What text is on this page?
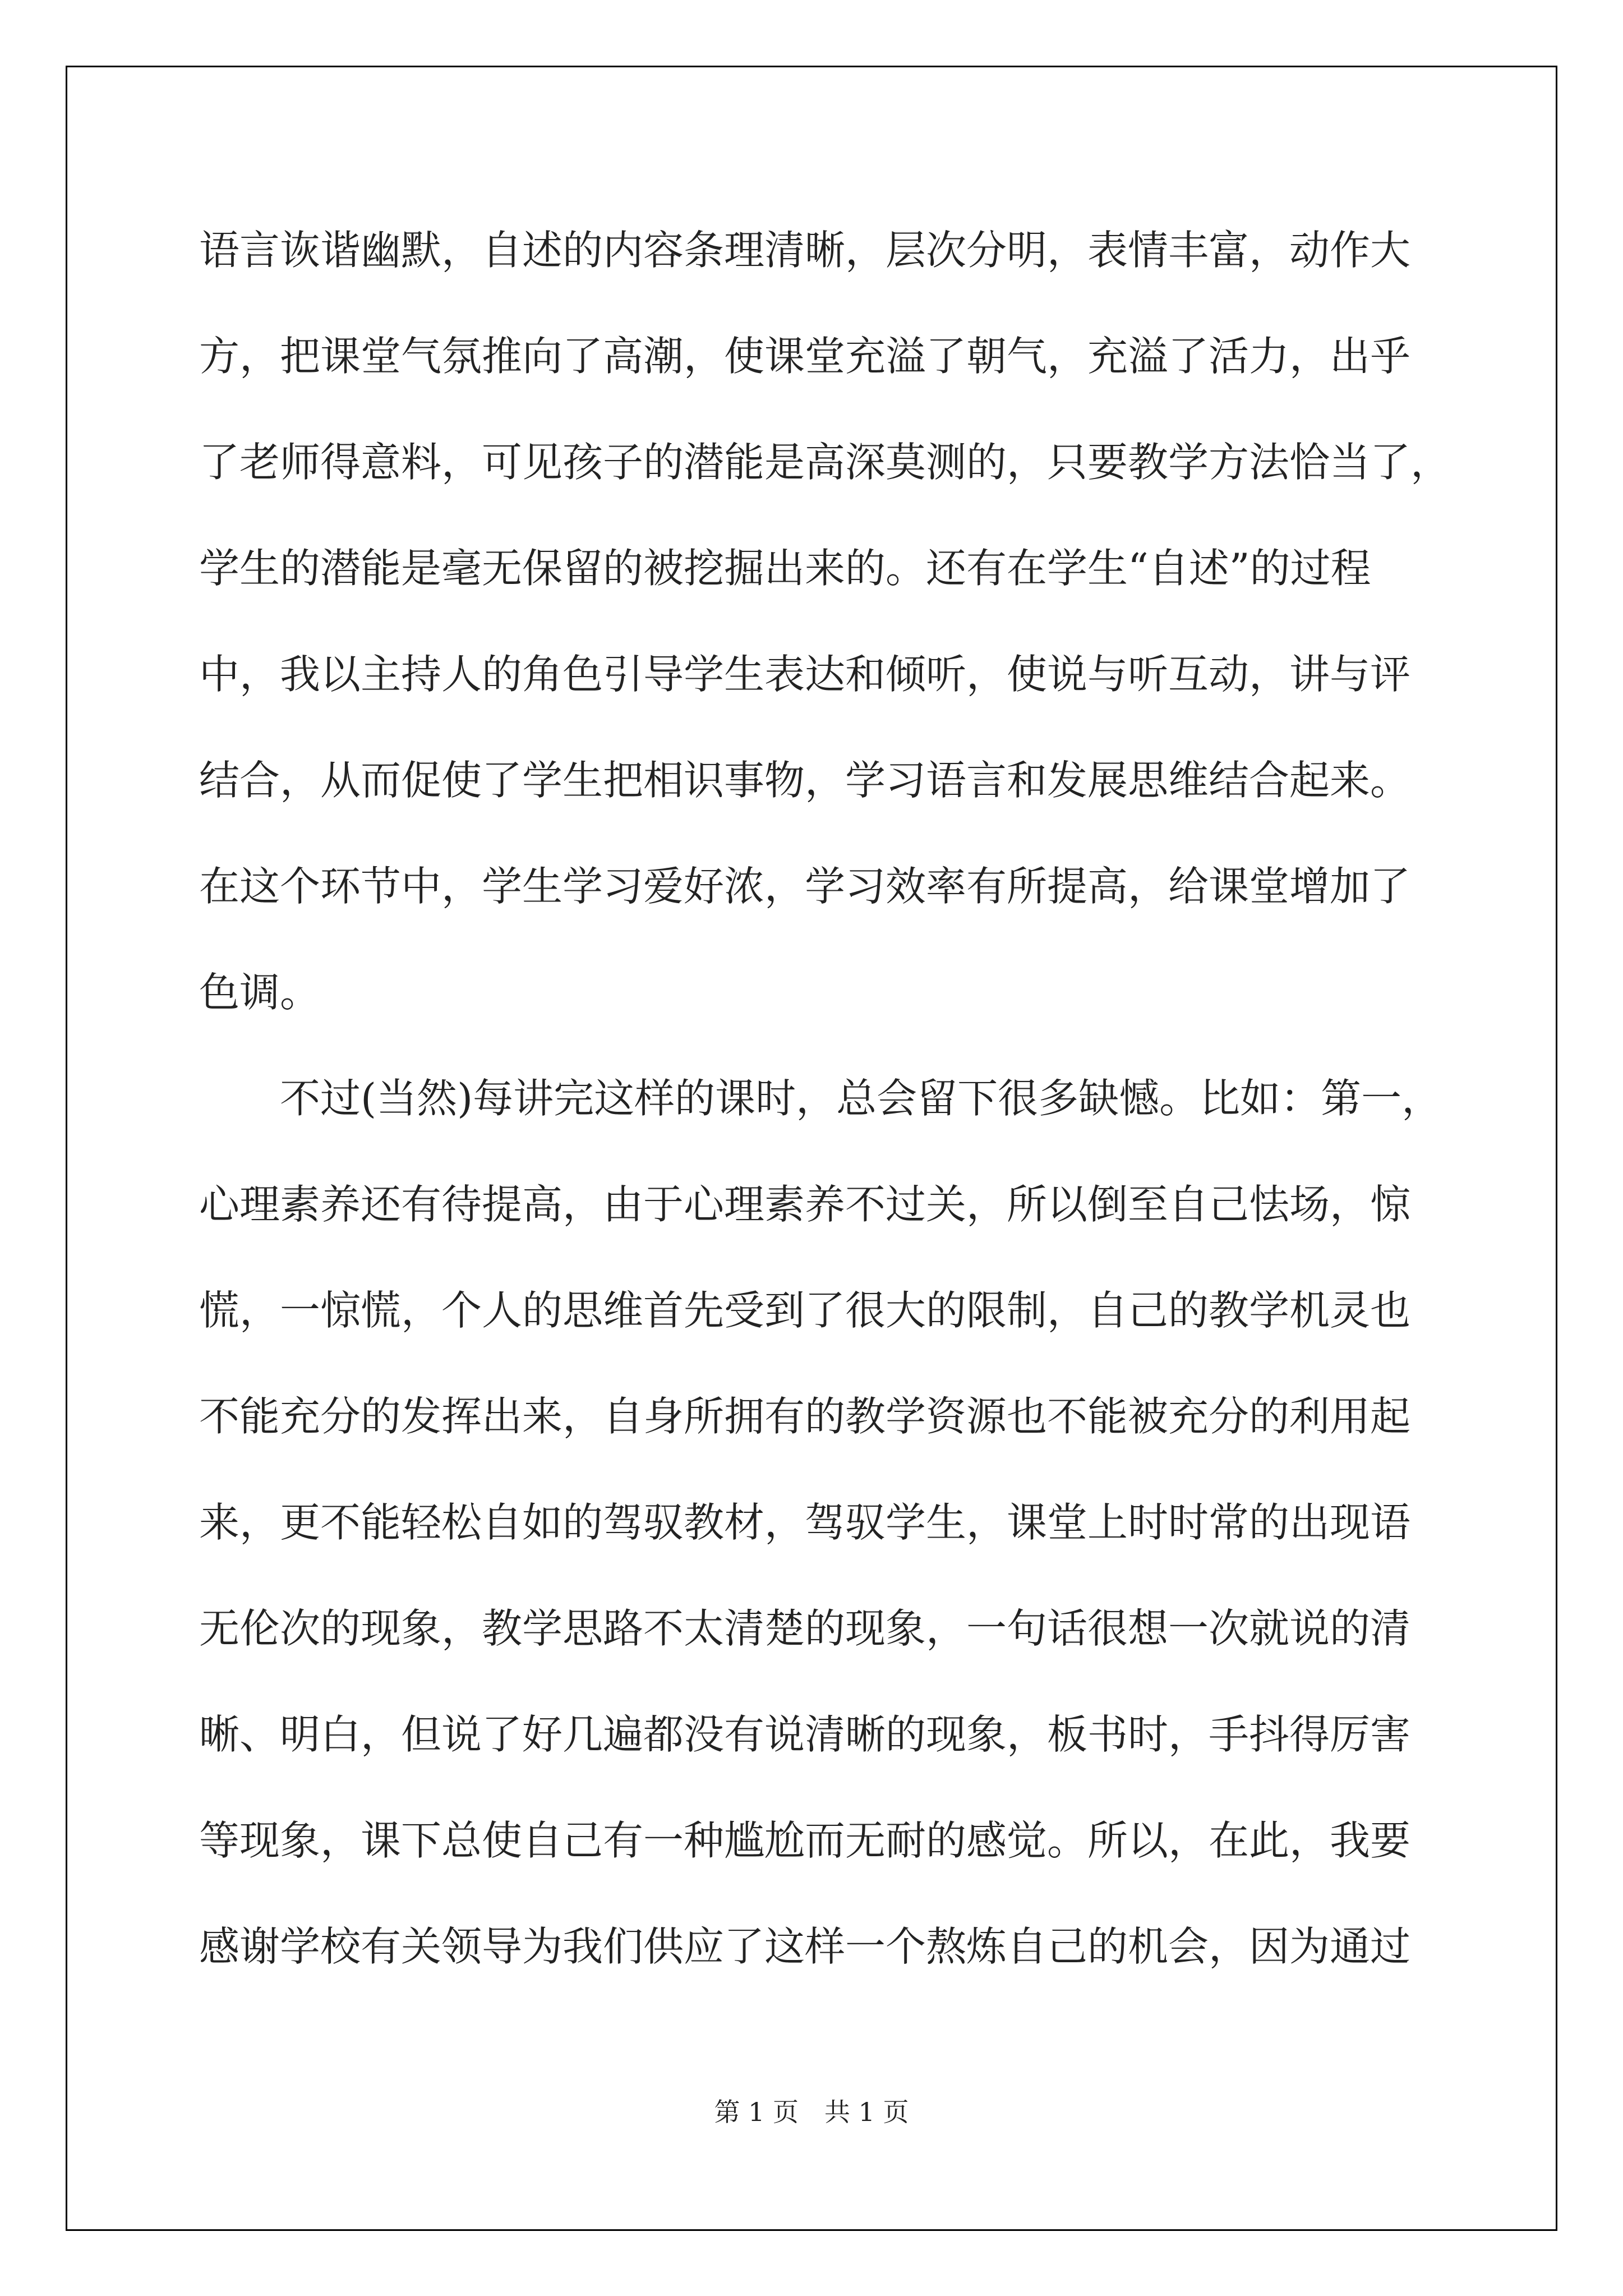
语言诙谐幽默，自述的内容条理清晰，层次分明，表情丰富，动作大
方，把课堂气氛推向了高潮，使课堂充溢了朝气，充溢了活力，出乎
了老师得意料，可见孩子的潜能是高深莫测的，只要教学方法恰当了，
学生的潜能是毫无保留的被挖掘出来的。还有在学生“自述”的过程
中，我以主持人的角色引导学生表达和倾听，使说与听互动，讲与评
结合，从而促使了学生把相识事物，学习语言和发展思维结合起来。
在这个环节中，学生学习爱好浓，学习效率有所提高，给课堂增加了
色调。
　　不过(当然)每讲完这样的课时，总会留下很多缺憾。比如：第一，
心理素养还有待提高，由于心理素养不过关，所以倒至自己怯场，惊
慌，一惊慌，个人的思维首先受到了很大的限制，自己的教学机灵也
不能充分的发挥出来，自身所拥有的教学资源也不能被充分的利用起
来，更不能轻松自如的驾驭教材，驾驭学生，课堂上时时常的出现语
无伦次的现象，教学思路不太清楚的现象，一句话很想一次就说的清
晰、明白，但说了好几遍都没有说清晰的现象，板书时，手抖得厉害
等现象，课下总使自己有一种尴尬而无耐的感觉。所以，在此，我要
感谢学校有关领导为我们供应了这样一个熬炼自己的机会，因为通过
第 1 页　共 1 页
